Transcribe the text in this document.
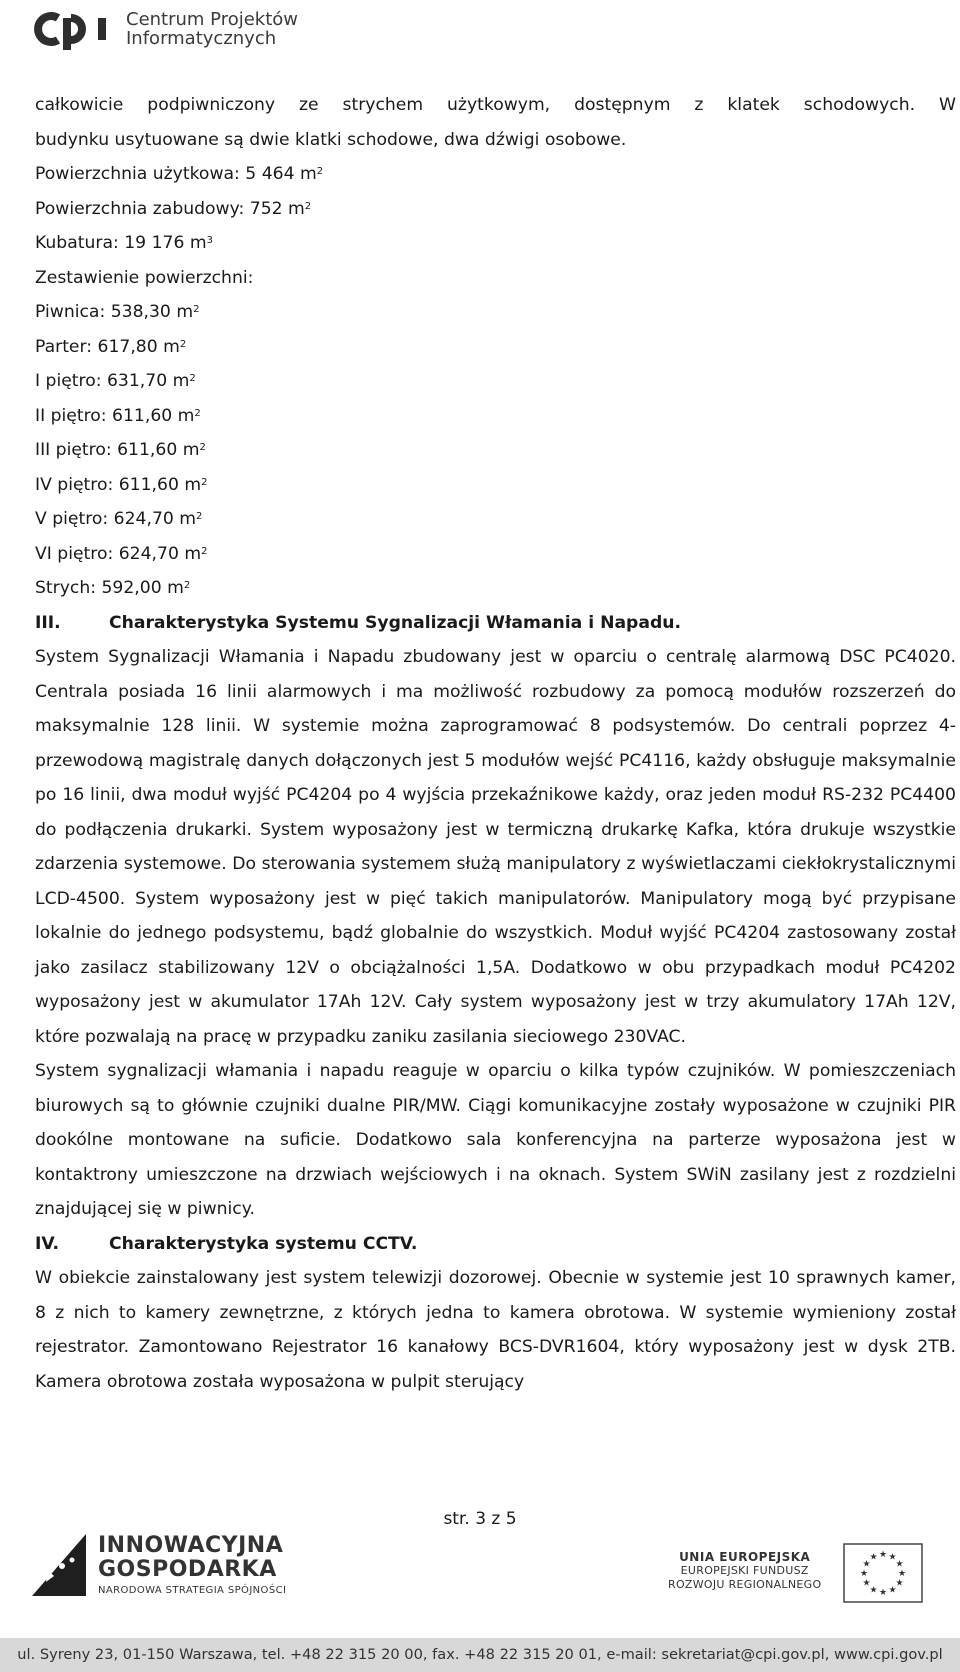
Centrum Projektów
Informatycznych

całkowicie podpiwniczony ze strychem użytkowym, dostępnym z klatek schodowych. W

budynku usytuowane są dwie klatki schodowe, dwa dźwigi osobowe.

Powierzchnia użytkowa: 5 464 $m^2$

Powierzchnia zabudowy: 752 $m^2$

Kubatura: 19 176 $m^3$

Zestawienie powierzchni:

Piwnica: 538,30 $m^2$

Parter: 617,80 $m^2$

I piętro: 631,70 $m^2$

II piętro: 611,60 $m^2$

III piętro: 611,60 $m^2$

IV piętro: 611,60 $m^2$

V piętro: 624,70 $m^2$

VI piętro: 624,70 $m^2$

Strych: 592,00 $m^2$

III.	Charakterystyka Systemu Sygnalizacji Włamania i Napadu.

System Sygnalizacji Włamania i Napadu zbudowany jest w oparciu o centralę alarmową DSC PC4020. Centrala posiada 16 linii alarmowych i ma możliwość rozbudowy za pomocą modułów rozszerzeń do maksymalnie 128 linii. W systemie można zaprogramować 8 podsystemów. Do centrali poprzez 4-przewodową magistralę danych dołączonych jest 5 modułów wejść PC4116, każdy obsługuje maksymalnie po 16 linii, dwa moduł wyjść PC4204 po 4 wyjścia przekaźnikowe każdy, oraz jeden moduł RS-232 PC4400 do podłączenia drukarki. System wyposażony jest w termiczną drukarkę Kafka, która drukuje wszystkie zdarzenia systemowe. Do sterowania systemem służą manipulatory z wyświetlaczami ciekłokrystalicznymi LCD-4500. System wyposażony jest w pięć takich manipulatorów. Manipulatory mogą być przypisane lokalnie do jednego podsystemu, bądź globalnie do wszystkich. Moduł wyjść PC4204 zastosowany został jako zasilacz stabilizowany 12V o obciążalności 1,5A. Dodatkowo w obu przypadkach moduł PC4202 wyposażony jest w akumulator 17Ah 12V. Cały system wyposażony jest w trzy akumulatory 17Ah 12V, które pozwalają na pracę w przypadku zaniku zasilania sieciowego 230VAC.

System sygnalizacji włamania i napadu reaguje w oparciu o kilka typów czujników. W pomieszczeniach biurowych są to głównie czujniki dualne PIR/MW. Ciągi komunikacyjne zostały wyposażone w czujniki PIR dookólne montowane na suficie. Dodatkowo sala konferencyjna na parterze wyposażona jest w kontaktrony umieszczone na drzwiach wejściowych i na oknach. System SWiN zasilany jest z rozdzielni znajdującej się w piwnicy.

IV.	Charakterystyka systemu CCTV.

W obiekcie zainstalowany jest system telewizji dozorowej. Obecnie w systemie jest 10 sprawnych kamer, 8 z nich to kamery zewnętrzne, z których jedna to kamera obrotowa. W systemie wymieniony został rejestrator. Zamontowano Rejestrator 16 kanałowy BCS-DVR1604, który wyposażony jest w dysk 2TB. Kamera obrotowa została wyposażona w pulpit sterujący

str. 3 z 5
INNOWACYJNA
GOSPODARKA
NARODOWA STRATEGIA SPÓJNOŚCI
UNIA EUROPEJSKA
EUROPEJSKI FUNDUSZ
ROZWOJU REGIONALNEGO
★
★
★
★
★
★
★
★
★ ★ ★
★
ul. Syreny 23, 01-150 Warszawa, tel. +48 22 315 20 00, fax. +48 22 315 20 01, e-mail: sekretariat@cpi.gov.pl, www.cpi.gov.pl
